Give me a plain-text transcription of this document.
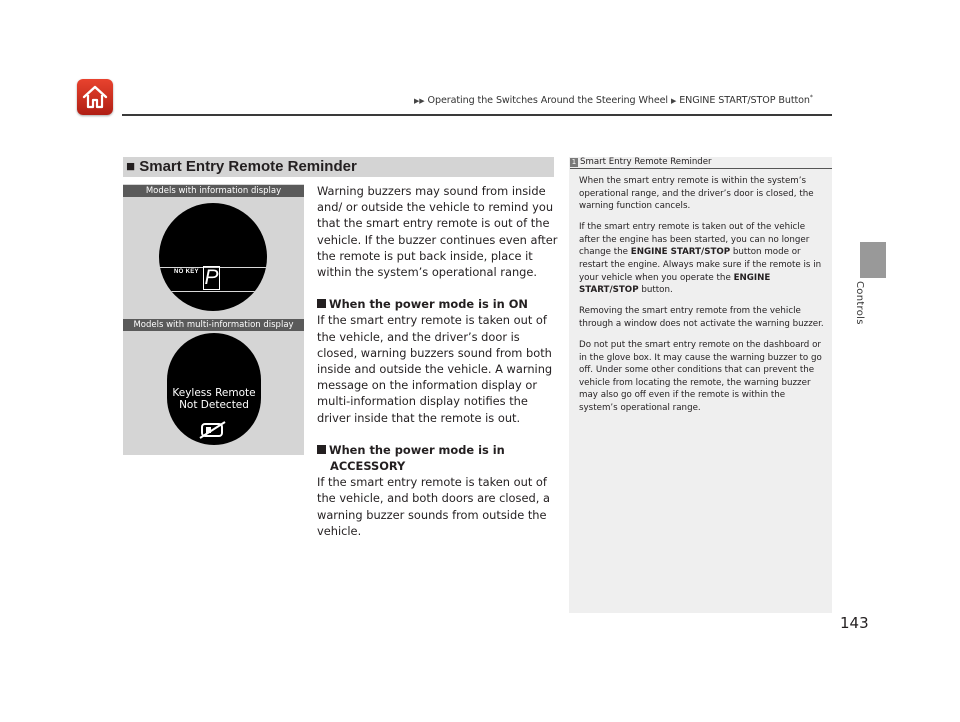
▶▶ Operating the Switches Around the Steering Wheel ▶ ENGINE START/STOP Button*
Controls
143
■ Smart Entry Remote Reminder
Models with information display
Models with multi-information display
NO KEY P
Keyless Remote
Not Detected

Warning buzzers may sound from inside and/ or outside the vehicle to remind you that the smart entry remote is out of the vehicle. If the buzzer continues even after the remote is put back inside, place it within the system’s operational range.

When the power mode is in ON

If the smart entry remote is taken out of the vehicle, and the driver’s door is closed, warning buzzers sound from both inside and outside the vehicle. A warning message on the information display or multi-information display notifies the driver inside that the remote is out.

When the power mode is in ACCESSORY

If the smart entry remote is taken out of the vehicle, and both doors are closed, a warning buzzer sounds from outside the vehicle.

1 Smart Entry Remote Reminder

When the smart entry remote is within the system’s operational range, and the driver’s door is closed, the warning function cancels.

If the smart entry remote is taken out of the vehicle after the engine has been started, you can no longer change the ENGINE START/STOP button mode or restart the engine. Always make sure if the remote is in your vehicle when you operate the ENGINE START/STOP button.

Removing the smart entry remote from the vehicle through a window does not activate the warning buzzer.

Do not put the smart entry remote on the dashboard or in the glove box. It may cause the warning buzzer to go off. Under some other conditions that can prevent the vehicle from locating the remote, the warning buzzer may also go off even if the remote is within the system’s operational range.
